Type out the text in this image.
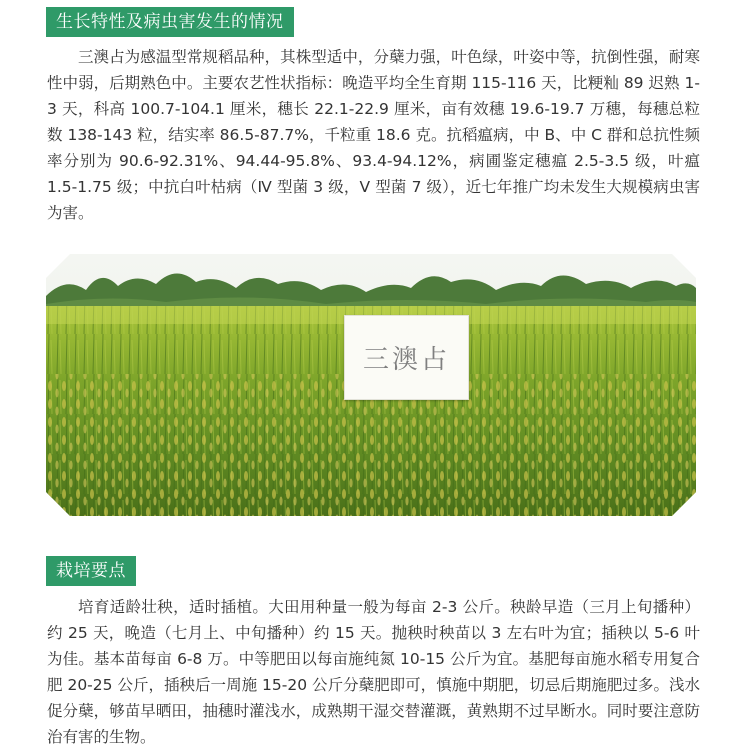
生长特性及病虫害发生的情况

三澳占为感温型常规稻品种，其株型适中，分蘖力强，叶色绿，叶姿中等，抗倒性强，耐寒性中弱，后期熟色中。主要农艺性状指标：晚造平均全生育期 115-116 天，比粳籼 89 迟熟 1-3 天，科高 100.7-104.1 厘米，穗长 22.1-22.9 厘米，亩有效穗 19.6-19.7 万穗，每穗总粒数 138-143 粒，结实率 86.5-87.7%，千粒重 18.6 克。抗稻瘟病，中 B、中 C 群和总抗性频率分别为 90.6-92.31%、94.44-95.8%、93.4-94.12%，病圃鉴定穗瘟 2.5-3.5 级，叶瘟 1.5-1.75 级；中抗白叶枯病（Ⅳ 型菌 3 级，Ⅴ 型菌 7 级），近七年推广均未发生大规模病虫害为害。

三澳占
栽培要点

培育适龄壮秧，适时插植。大田用种量一般为每亩 2-3 公斤。秧龄早造（三月上旬播种）约 25 天，晚造（七月上、中旬播种）约 15 天。抛秧时秧苗以 3 左右叶为宜；插秧以 5-6 叶为佳。基本苗每亩 6-8 万。中等肥田以每亩施纯氮 10-15 公斤为宜。基肥每亩施水稻专用复合肥 20-25 公斤，插秧后一周施 15-20 公斤分蘖肥即可，慎施中期肥，切忌后期施肥过多。浅水促分蘖，够苗早晒田，抽穗时灌浅水，成熟期干湿交替灌溉，黄熟期不过早断水。同时要注意防治有害的生物。
